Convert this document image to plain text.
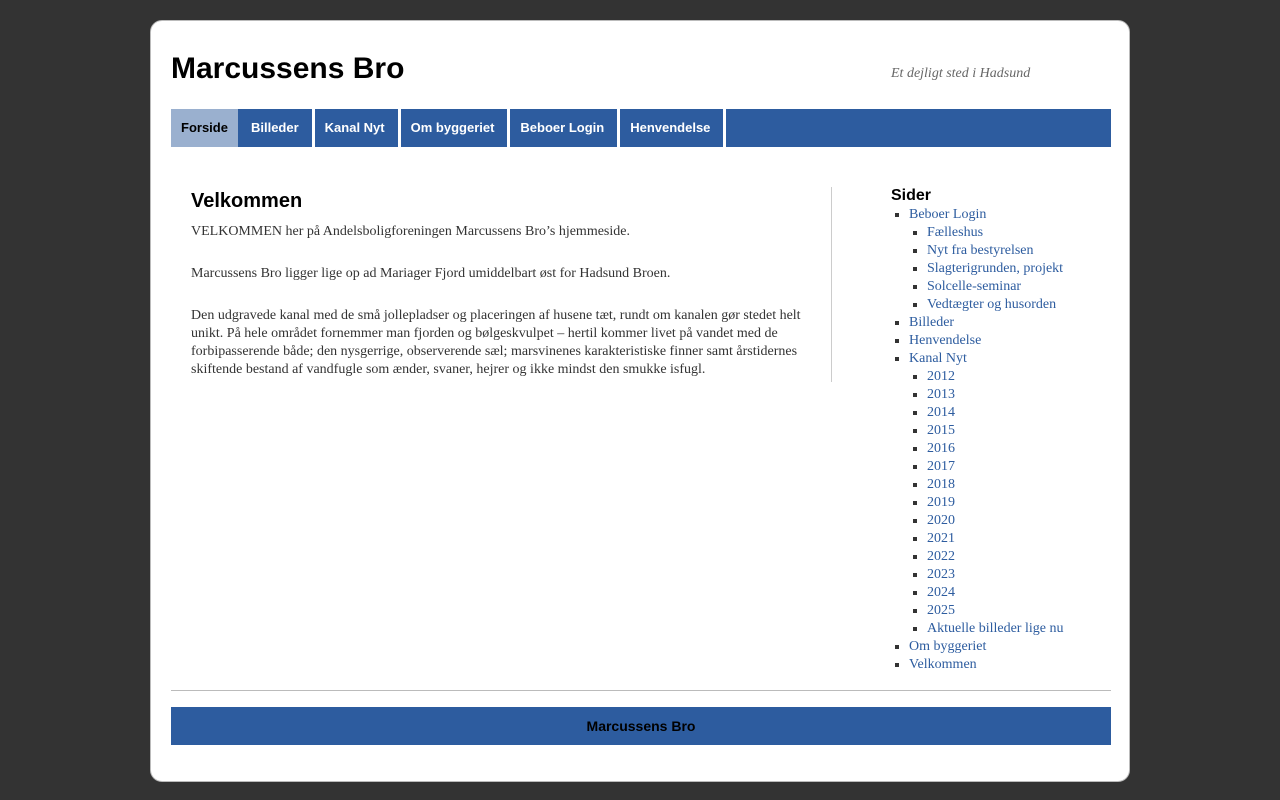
Marcussens Bro	Et dejligt sted i Hadsund
Forside	Billeder	Kanal Nyt	Om byggeriet	Beboer Login	Henvendelse
Velkommen

VELKOMMEN her på Andelsboligforeningen Marcussens Bro’s hjemmeside.

Marcussens Bro ligger lige op ad Mariager Fjord umiddelbart øst for Hadsund Broen.

Den udgravede kanal med de små jollepladser og placeringen af husene tæt, rundt om kanalen gør stedet helt unikt. På hele området fornemmer man fjorden og bølgeskvulpet – hertil kommer livet på vandet med de forbipasserende både; den nysgerrige, observerende sæl; marsvinenes karakteristiske finner samt årstidernes skiftende bestand af vandfugle som ænder, svaner, hejrer og ikke mindst den smukke isfugl.

Sider
▪ Beboer Login
▪ Fælleshus
▪ Nyt fra bestyrelsen
▪ Slagterigrunden, projekt
▪ Solcelle-seminar
▪ Vedtægter og husorden
▪ Billeder
▪ Henvendelse
▪ Kanal Nyt
▪ 2012
▪ 2013
▪ 2014
▪ 2015
▪ 2016
▪ 2017
▪ 2018
▪ 2019
▪ 2020
▪ 2021
▪ 2022
▪ 2023
▪ 2024
▪ 2025
▪ Aktuelle billeder lige nu
▪ Om byggeriet
▪ Velkommen
Marcussens Bro
